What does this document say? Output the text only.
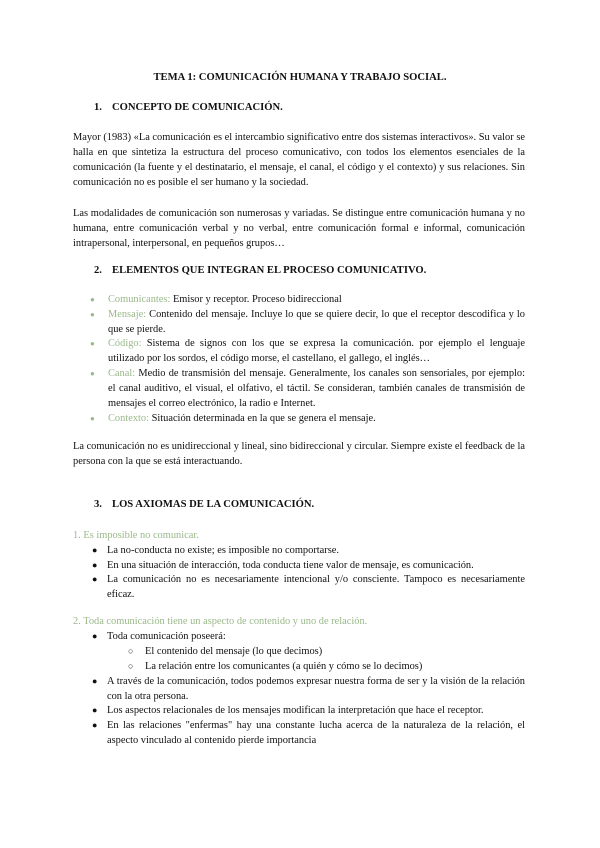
TEMA 1: COMUNICACIÓN HUMANA Y TRABAJO SOCIAL.
1. CONCEPTO DE COMUNICACIÓN.
Mayor (1983) «La comunicación es el intercambio significativo entre dos sistemas interactivos». Su valor se halla en que sintetiza la estructura del proceso comunicativo, con todos los elementos esenciales de la comunicación (la fuente y el destinatario, el mensaje, el canal, el código y el contexto) y sus relaciones. Sin comunicación no es posible el ser humano y la sociedad.
Las modalidades de comunicación son numerosas y variadas. Se distingue entre comunicación humana y no humana, entre comunicación verbal y no verbal, entre comunicación formal e informal, comunicación intrapersonal, interpersonal, en pequeños grupos…
2. ELEMENTOS QUE INTEGRAN EL PROCESO COMUNICATIVO.
●	Comunicantes: Emisor y receptor. Proceso bidireccional
●	Mensaje: Contenido del mensaje. Incluye lo que se quiere decir, lo que el receptor descodifica y lo que se pierde.
●	Código: Sistema de signos con los que se expresa la comunicación. por ejemplo el lenguaje utilizado por los sordos, el código morse, el castellano, el gallego, el inglés…
●	Canal: Medio de transmisión del mensaje. Generalmente, los canales son sensoriales, por ejemplo: el canal auditivo, el visual, el olfativo, el táctil. Se consideran, también canales de transmisión de mensajes el correo electrónico, la radio e Internet.
●	Contexto: Situación determinada en la que se genera el mensaje.
La comunicación no es unidireccional y lineal, sino bidireccional y circular. Siempre existe el feedback de la persona con la que se está interactuando.
3. LOS AXIOMAS DE LA COMUNICACIÓN.
1. Es imposible no comunicar.
● La no-conducta no existe; es imposible no comportarse.
● En una situación de interacción, toda conducta tiene valor de mensaje, es comunicación.
● La comunicación no es necesariamente intencional y/o consciente. Tampoco es necesariamente eficaz.
2. Toda comunicación tiene un aspecto de contenido y uno de relación.
● Toda comunicación poseerá:
○ El contenido del mensaje (lo que decimos)
○ La relación entre los comunicantes (a quién y cómo se lo decimos)
● A través de la comunicación, todos podemos expresar nuestra forma de ser y la visión de la relación con la otra persona.
● Los aspectos relacionales de los mensajes modifican la interpretación que hace el receptor.
● En las relaciones "enfermas" hay una constante lucha acerca de la naturaleza de la relación, el aspecto vinculado al contenido pierde importancia
